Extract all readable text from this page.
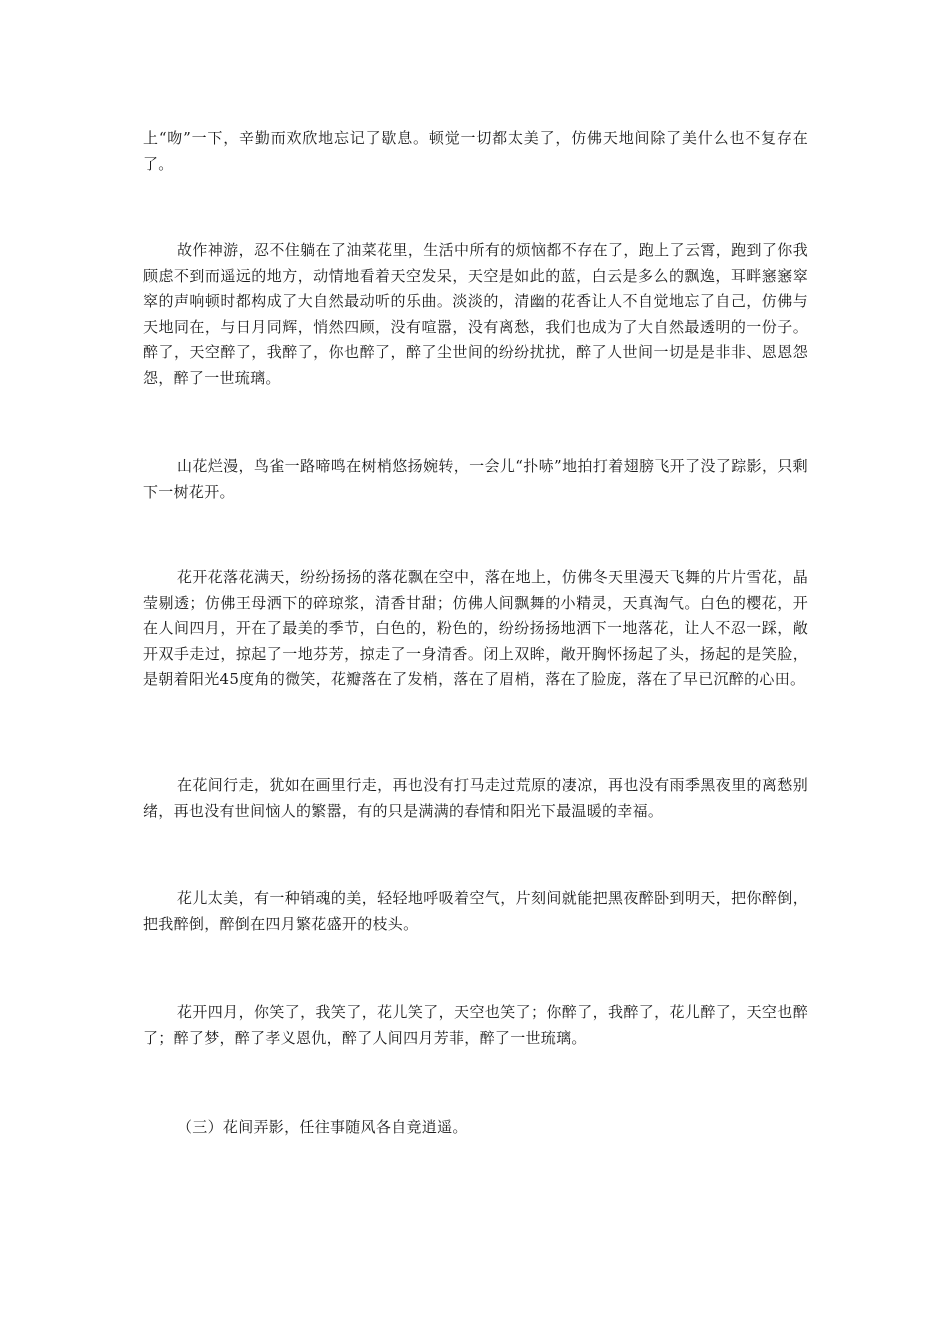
上“吻”一下，辛勤而欢欣地忘记了歇息。顿觉一切都太美了，仿佛天地间除了美什么也不复存在了。

故作神游，忍不住躺在了油菜花里，生活中所有的烦恼都不存在了，跑上了云霄，跑到了你我顾虑不到而遥远的地方，动情地看着天空发呆，天空是如此的蓝，白云是多么的飘逸，耳畔窸窸窣窣的声响顿时都构成了大自然最动听的乐曲。淡淡的，清幽的花香让人不自觉地忘了自己，仿佛与天地同在，与日月同辉，悄然四顾，没有喧嚣，没有离愁，我们也成为了大自然最透明的一份子。醉了，天空醉了，我醉了，你也醉了，醉了尘世间的纷纷扰扰，醉了人世间一切是是非非、恩恩怨怨，醉了一世琉璃。

山花烂漫，鸟雀一路啼鸣在树梢悠扬婉转，一会儿“扑哧”地拍打着翅膀飞开了没了踪影，只剩下一树花开。

花开花落花满天，纷纷扬扬的落花飘在空中，落在地上，仿佛冬天里漫天飞舞的片片雪花，晶莹剔透；仿佛王母洒下的碎琼浆，清香甘甜；仿佛人间飘舞的小精灵，天真淘气。白色的樱花，开在人间四月，开在了最美的季节，白色的，粉色的，纷纷扬扬地洒下一地落花，让人不忍一踩，敞开双手走过，掠起了一地芬芳，掠走了一身清香。闭上双眸，敞开胸怀扬起了头，扬起的是笑脸，是朝着阳光45度角的微笑，花瓣落在了发梢，落在了眉梢，落在了脸庞，落在了早已沉醉的心田。

在花间行走，犹如在画里行走，再也没有打马走过荒原的凄凉，再也没有雨季黑夜里的离愁别绪，再也没有世间恼人的繁嚣，有的只是满满的春情和阳光下最温暖的幸福。

花儿太美，有一种销魂的美，轻轻地呼吸着空气，片刻间就能把黑夜醉卧到明天，把你醉倒，把我醉倒，醉倒在四月繁花盛开的枝头。

花开四月，你笑了，我笑了，花儿笑了，天空也笑了；你醉了，我醉了，花儿醉了，天空也醉了；醉了梦，醉了孝义恩仇，醉了人间四月芳菲，醉了一世琉璃。

（三）花间弄影，任往事随风各自竟逍遥。
